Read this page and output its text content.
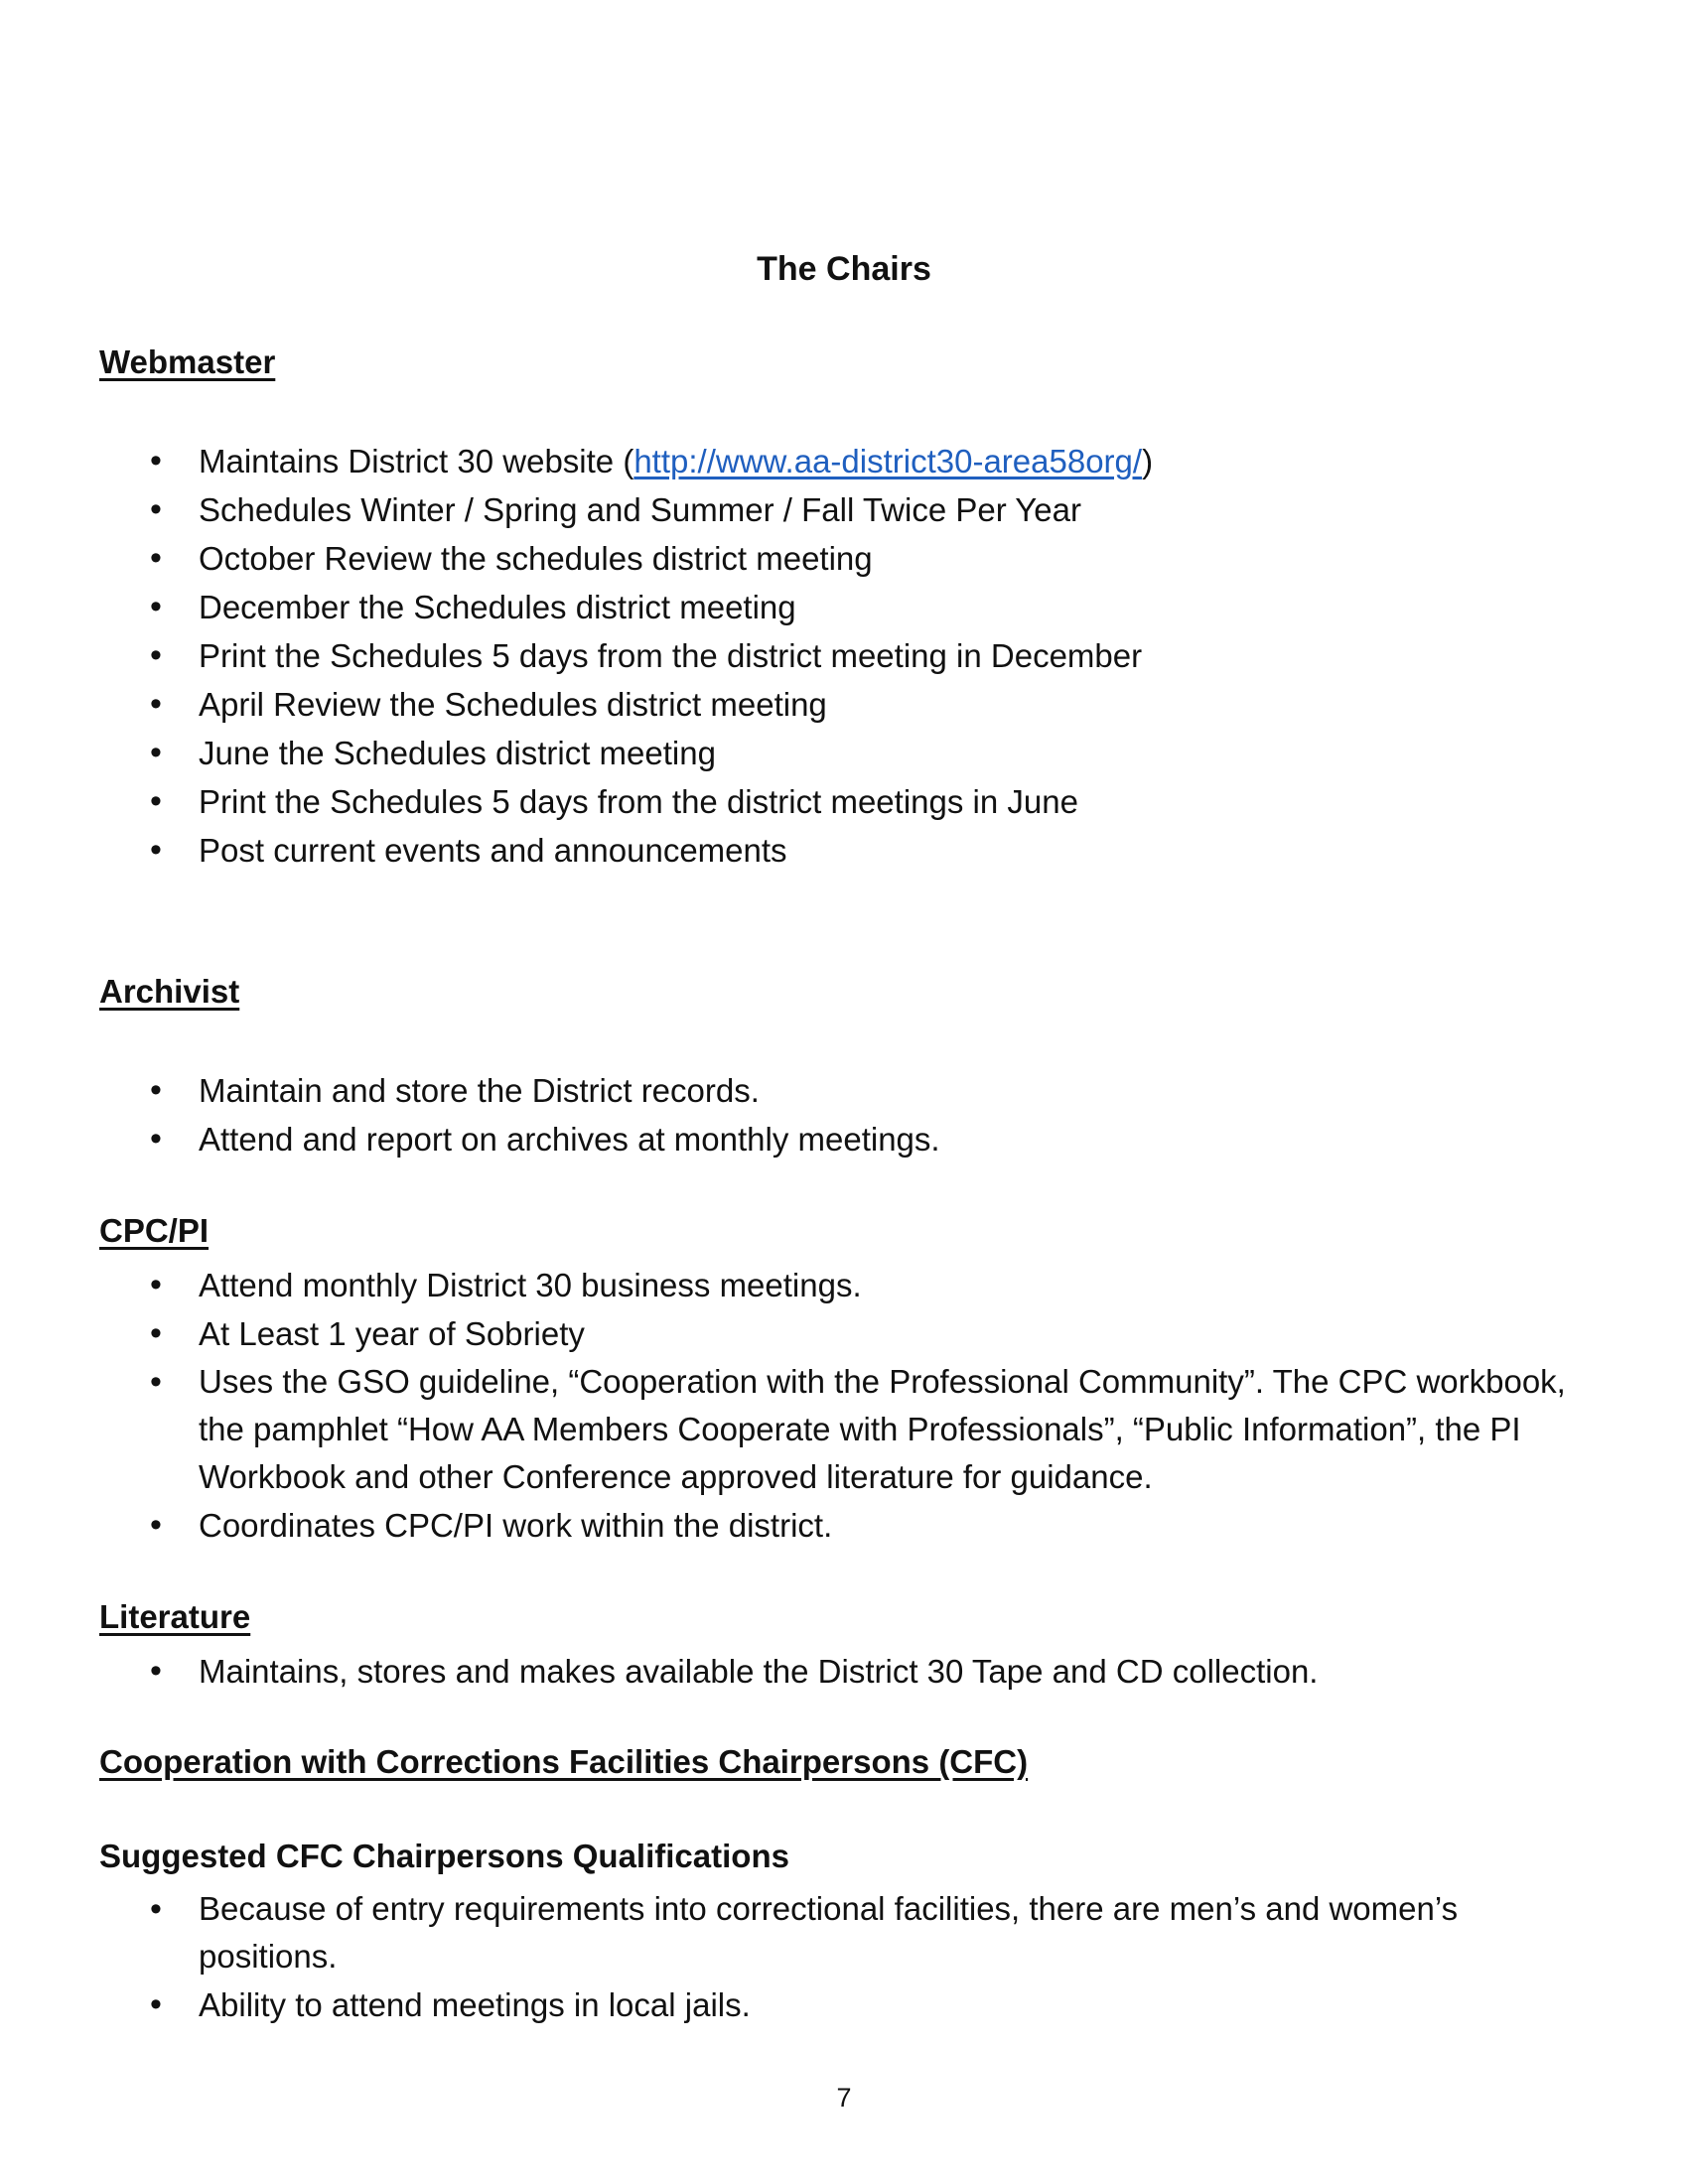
The Chairs
Webmaster
• Maintains District 30 website (http://www.aa-district30-area58org/)
• Schedules Winter / Spring and Summer / Fall Twice Per Year
• October Review the schedules district meeting
• December the Schedules district meeting
• Print the Schedules 5 days from the district meeting in December
• April Review the Schedules district meeting
• June the Schedules district meeting
• Print the Schedules 5 days from the district meetings in June
• Post current events and announcements
Archivist
• Maintain and store the District records.
• Attend and report on archives at monthly meetings.
CPC/PI
• Attend monthly District 30 business meetings.
• At Least 1 year of Sobriety
• Uses the GSO guideline, “Cooperation with the Professional Community”. The CPC workbook, the pamphlet “How AA Members Cooperate with Professionals”, “Public Information”, the PI Workbook and other Conference approved literature for guidance.
• Coordinates CPC/PI work within the district.
Literature
• Maintains, stores and makes available the District 30 Tape and CD collection.
Cooperation with Corrections Facilities Chairpersons (CFC)
Suggested CFC Chairpersons Qualifications
• Because of entry requirements into correctional facilities, there are men’s and women’s positions.
• Ability to attend meetings in local jails.
7
